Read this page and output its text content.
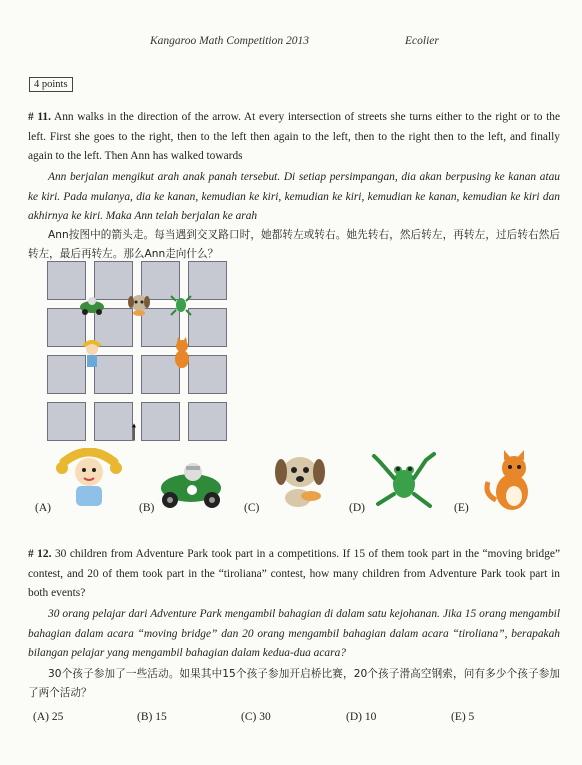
Kangaroo Math Competition 2013	Ecolier
4 points
# 11. Ann walks in the direction of the arrow. At every intersection of streets she turns either to the right or to the left. First she goes to the right, then to the left then again to the left, then to the right then to the left, and finally again to the left. Then Ann has walked towards
Ann berjalan mengikut arah anak panah tersebut. Di setiap persimpangan, dia akan berpusing ke kanan atau ke kiri. Pada mulanya, dia ke kanan, kemudian ke kiri, kemudian ke kiri, kemudian ke kanan, kemudian ke kiri dan akhirnya ke kiri. Maka Ann telah berjalan ke arah
Ann按图中的箭头走。每当遇到交叉路口时，她都转左或转右。她先转右，然后转左，再转左，过后转右然后转左，最后再转左。那么Ann走向什么？
(A)	(B)	(C)	(D)	(E)
# 12. 30 children from Adventure Park took part in a competitions. If 15 of them took part in the “moving bridge” contest, and 20 of them took part in the “tiroliana” contest, how many children from Adventure Park took part in both events?
30 orang pelajar dari Adventure Park mengambil bahagian di dalam satu kejohanan. Jika 15 orang mengambil bahagian dalam acara “moving bridge” dan 20 orang mengambil bahagian dalam acara “tiroliana”, berapakah bilangan pelajar yang mengambil bahagian dalam kedua-dua acara?
30个孩子参加了一些活动。如果其中15个孩子参加开启桥比赛，20个孩子滑高空钢索，问有多少个孩子参加了两个活动？
(A) 25	(B) 15	(C) 30	(D) 10	(E) 5
